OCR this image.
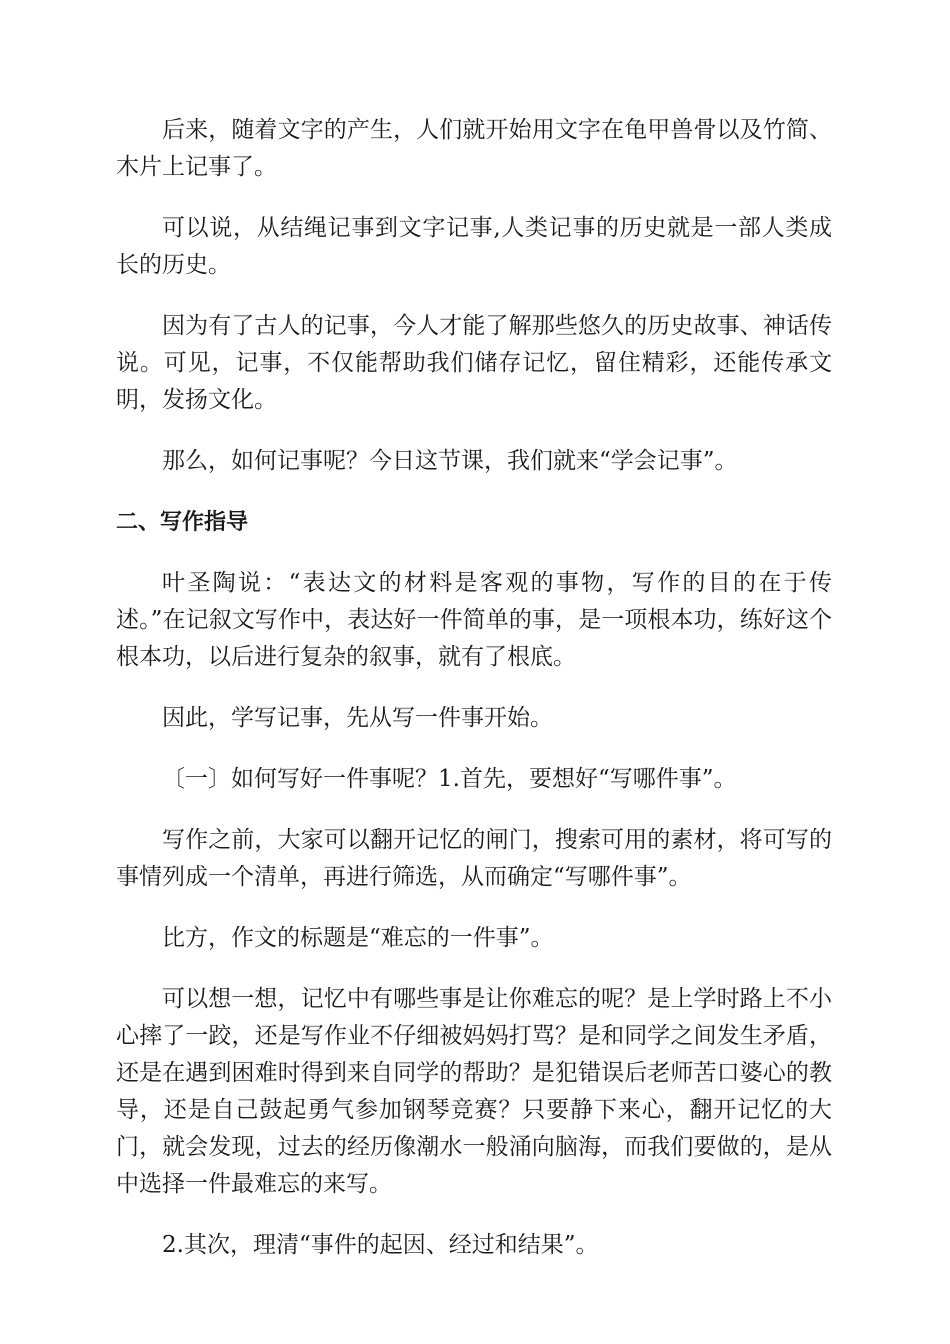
后来，随着文字的产生，人们就开始用文字在龟甲兽骨以及竹简、木片上记事了。

可以说，从结绳记事到文字记事,人类记事的历史就是一部人类成长的历史。

因为有了古人的记事，今人才能了解那些悠久的历史故事、神话传说。可见，记事，不仅能帮助我们储存记忆，留住精彩，还能传承文明，发扬文化。

那么，如何记事呢？今日这节课，我们就来“学会记事”。

二、写作指导

叶圣陶说：“表达文的材料是客观的事物，写作的目的在于传述。”在记叙文写作中，表达好一件简单的事，是一项根本功，练好这个根本功，以后进行复杂的叙事，就有了根底。

因此，学写记事，先从写一件事开始。

〔一〕如何写好一件事呢？1.首先，要想好“写哪件事”。

写作之前，大家可以翻开记忆的闸门，搜索可用的素材，将可写的事情列成一个清单，再进行筛选，从而确定“写哪件事”。

比方，作文的标题是“难忘的一件事”。

可以想一想，记忆中有哪些事是让你难忘的呢？是上学时路上不小心摔了一跤，还是写作业不仔细被妈妈打骂？是和同学之间发生矛盾，还是在遇到困难时得到来自同学的帮助？是犯错误后老师苦口婆心的教导，还是自己鼓起勇气参加钢琴竞赛？只要静下来心，翻开记忆的大门，就会发现，过去的经历像潮水一般涌向脑海，而我们要做的，是从中选择一件最难忘的来写。

2.其次，理清“事件的起因、经过和结果”。
